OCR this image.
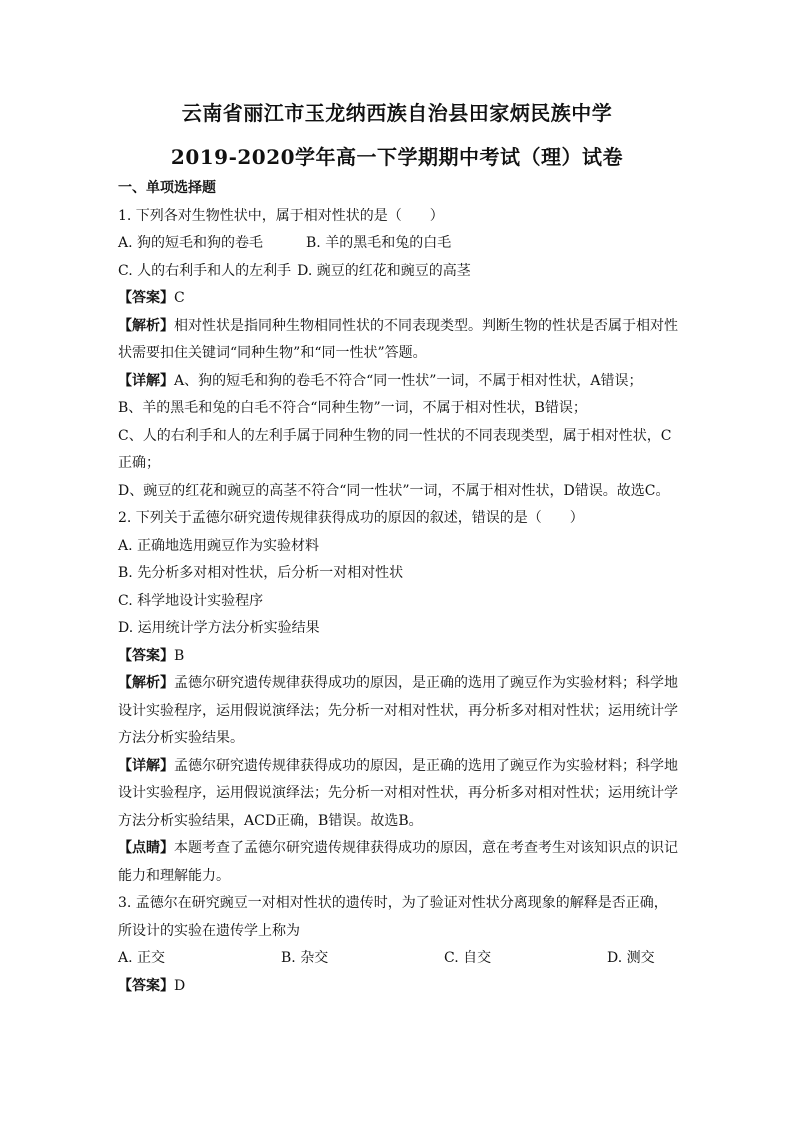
云南省丽江市玉龙纳西族自治县田家炳民族中学
2019-2020学年高一下学期期中考试（理）试卷
一、单项选择题
1. 下列各对生物性状中，属于相对性状的是（　　）
A. 狗的短毛和狗的卷毛	B. 羊的黑毛和兔的白毛
C. 人的右利手和人的左利手 D. 豌豆的红花和豌豆的高茎
【答案】C
【解析】相对性状是指同种生物相同性状的不同表现类型。判断生物的性状是否属于相对性
状需要扣住关键词“同种生物”和“同一性状”答题。
【详解】A、狗的短毛和狗的卷毛不符合“同一性状”一词，不属于相对性状，A错误；
B、羊的黑毛和兔的白毛不符合“同种生物”一词，不属于相对性状，B错误；
C、人的右利手和人的左利手属于同种生物的同一性状的不同表现类型，属于相对性状，C
正确；
D、豌豆的红花和豌豆的高茎不符合“同一性状”一词，不属于相对性状，D错误。故选C。
2. 下列关于孟德尔研究遗传规律获得成功的原因的叙述，错误的是（　　）
A. 正确地选用豌豆作为实验材料
B. 先分析多对相对性状，后分析一对相对性状
C. 科学地设计实验程序
D. 运用统计学方法分析实验结果
【答案】B
【解析】孟德尔研究遗传规律获得成功的原因，是正确的选用了豌豆作为实验材料；科学地
设计实验程序，运用假说演绎法；先分析一对相对性状，再分析多对相对性状；运用统计学
方法分析实验结果。
【详解】孟德尔研究遗传规律获得成功的原因，是正确的选用了豌豆作为实验材料；科学地
设计实验程序，运用假说演绎法；先分析一对相对性状，再分析多对相对性状；运用统计学
方法分析实验结果，ACD正确，B错误。故选B。
【点睛】本题考查了孟德尔研究遗传规律获得成功的原因，意在考查考生对该知识点的识记
能力和理解能力。
3. 孟德尔在研究豌豆一对相对性状的遗传时，为了验证对性状分离现象的解释是否正确，
所设计的实验在遗传学上称为
A. 正交	B. 杂交	C. 自交	D. 测交
【答案】D
